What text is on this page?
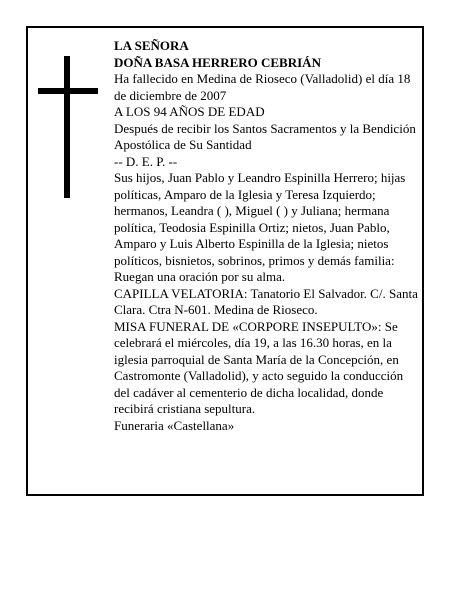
LA SEÑORA

DOÑA BASA HERRERO CEBRIÁN

Ha fallecido en Medina de Rioseco (Valladolid) el día 18 de diciembre de 2007

A LOS 94 AÑOS DE EDAD

Después de recibir los Santos Sacramentos y la Bendición Apostólica de Su Santidad

-- D. E. P. --

Sus hijos, Juan Pablo y Leandro Espinilla Herrero; hijas políticas, Amparo de la Iglesia y Teresa Izquierdo; hermanos, Leandra ( ), Miguel ( ) y Juliana; hermana política, Teodosia Espinilla Ortiz; nietos, Juan Pablo, Amparo y Luis Alberto Espinilla de la Iglesia; nietos políticos, bisnietos, sobrinos, primos y demás familia:

Ruegan una oración por su alma.

CAPILLA VELATORIA: Tanatorio El Salvador. C/. Santa Clara. Ctra N-601. Medina de Rioseco.

MISA FUNERAL DE «CORPORE INSEPULTO»: Se celebrará el miércoles, día 19, a las 16.30 horas, en la iglesia parroquial de Santa María de la Concepción, en Castromonte (Valladolid), y acto seguido la conducción del cadáver al cementerio de dicha localidad, donde recibirá cristiana sepultura.

Funeraria «Castellana»
